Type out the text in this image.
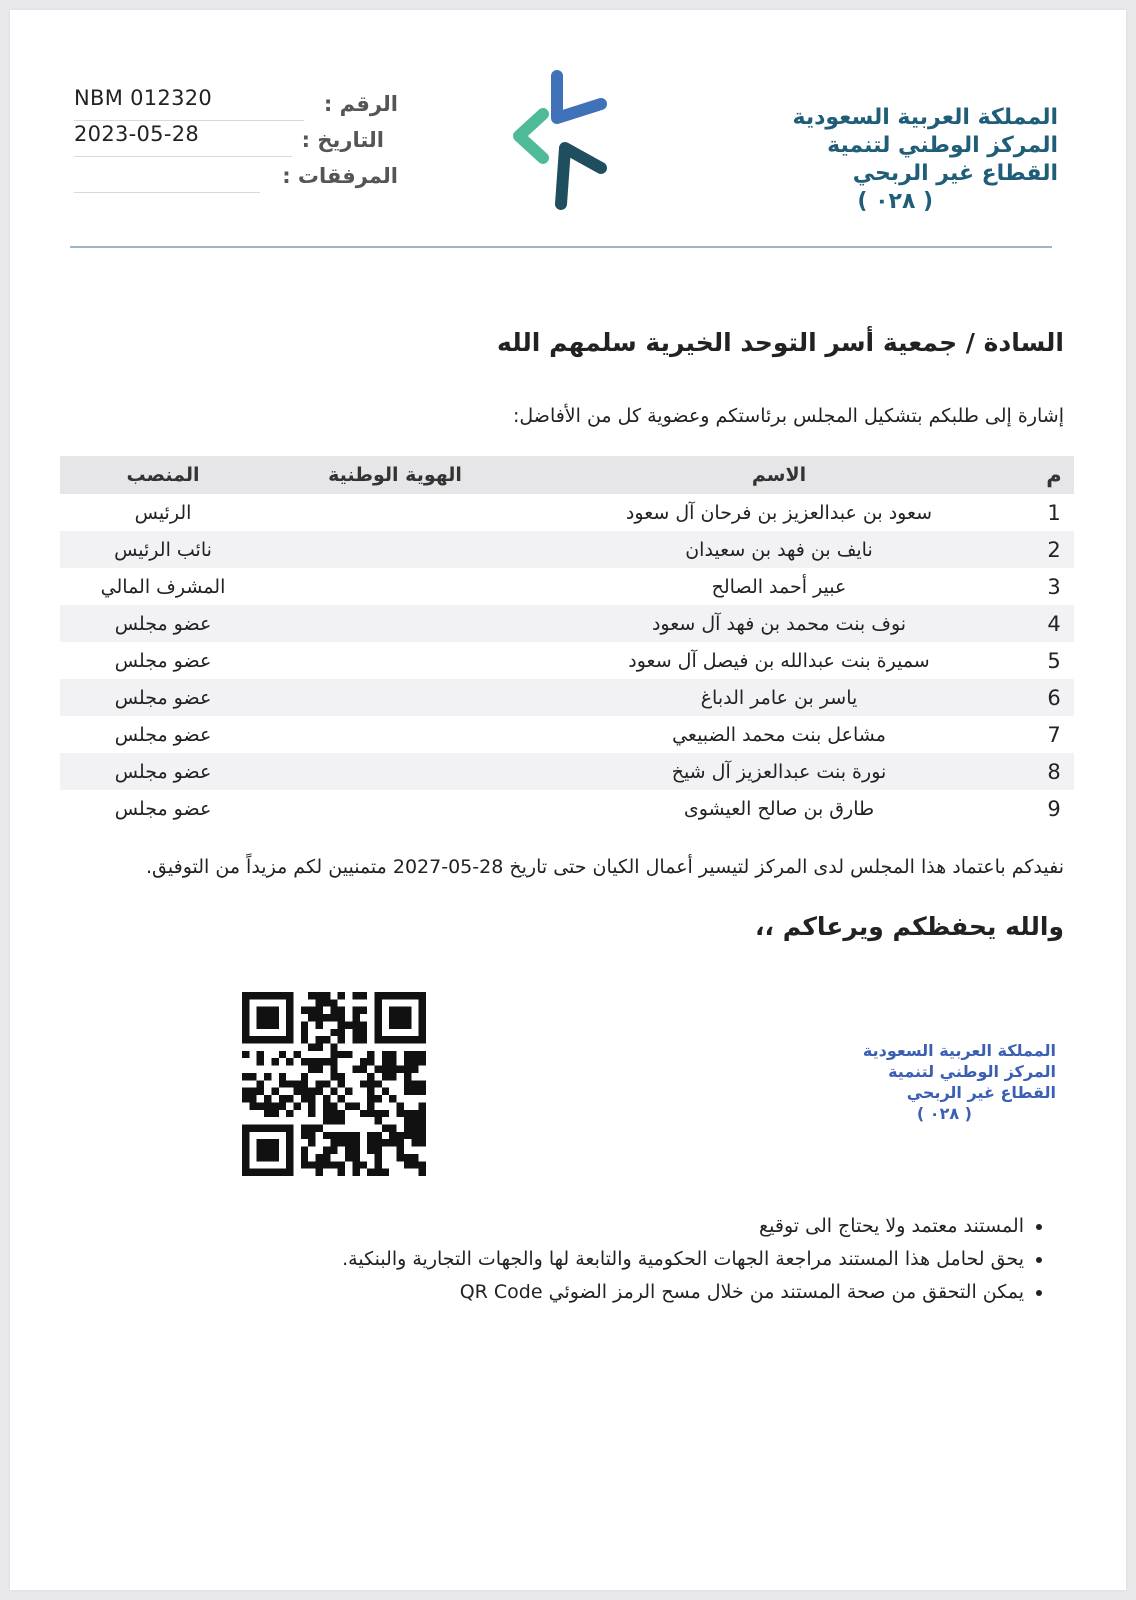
NBM 012320	الرقم :
2023-05-28	التاريخ :
المرفقات :
المملكة العربية السعودية
المركز الوطني لتنمية
القطاع غير الربحي
( ٠٢٨ )
السادة / جمعية أسر التوحد الخيرية سلمهم الله
إشارة إلى طلبكم بتشكيل المجلس برئاستكم وعضوية كل من الأفاضل:
م	الاسم	الهوية الوطنية	المنصب
1	سعود بن عبدالعزيز بن فرحان آل سعود		الرئيس
2	نايف بن فهد بن سعيدان		نائب الرئيس
3	عبير أحمد الصالح		المشرف المالي
4	نوف بنت محمد بن فهد آل سعود		عضو مجلس
5	سميرة بنت عبدالله بن فيصل آل سعود		عضو مجلس
6	ياسر بن عامر الدباغ		عضو مجلس
7	مشاعل بنت محمد الضبيعي		عضو مجلس
8	نورة بنت عبدالعزيز آل شيخ		عضو مجلس
9	طارق بن صالح العيشوى		عضو مجلس
نفيدكم باعتماد هذا المجلس لدى المركز لتيسير أعمال الكيان حتى تاريخ 28-05-2027 متمنيين لكم مزيداً من التوفيق.
والله يحفظكم ويرعاكم ،،
المملكة العربية السعودية
المركز الوطني لتنمية
القطاع غير الربحي
( ٠٢٨ )
• المستند معتمد ولا يحتاج الى توقيع
• يحق لحامل هذا المستند مراجعة الجهات الحكومية والتابعة لها والجهات التجارية والبنكية.
• يمكن التحقق من صحة المستند من خلال مسح الرمز الضوئي QR Code
